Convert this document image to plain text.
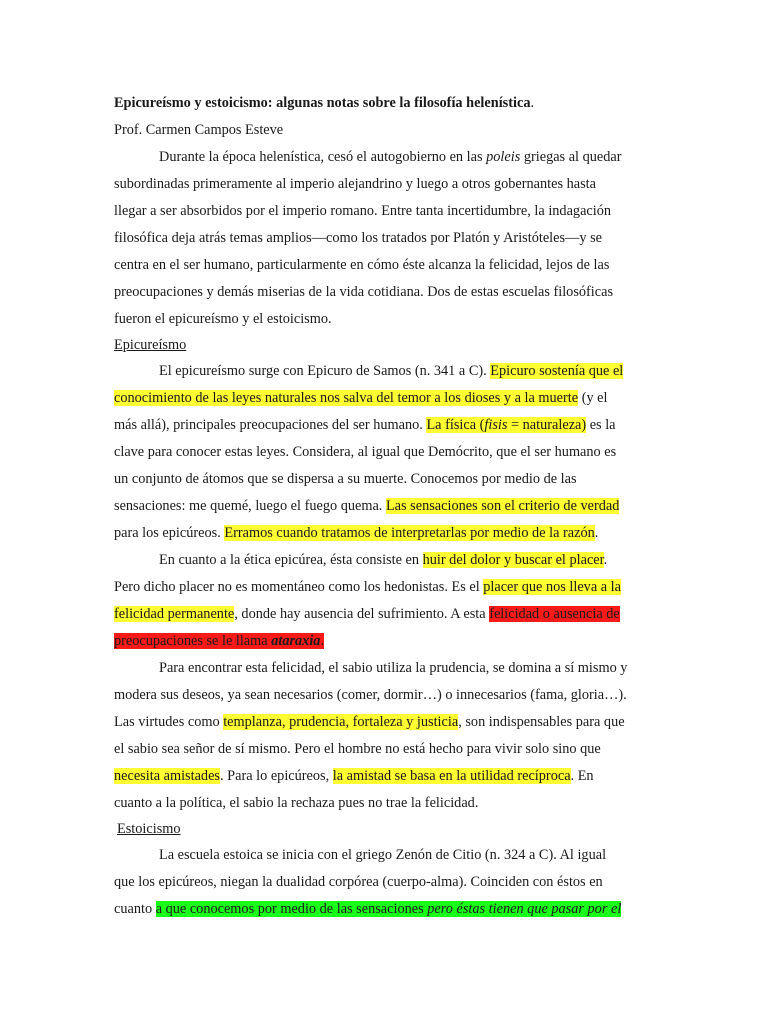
Epicureísmo y estoicismo: algunas notas sobre la filosofía helenística.
Prof. Carmen Campos Esteve
Durante la época helenística, cesó el autogobierno en las poleis griegas al quedar
subordinadas primeramente al imperio alejandrino y luego a otros gobernantes hasta
llegar a ser absorbidos por el imperio romano. Entre tanta incertidumbre, la indagación
filosófica deja atrás temas amplios—como los tratados por Platón y Aristóteles—y se
centra en el ser humano, particularmente en cómo éste alcanza la felicidad, lejos de las
preocupaciones y demás miserias de la vida cotidiana. Dos de estas escuelas filosóficas
fueron el epicureísmo y el estoicismo.
Epicureísmo
El epicureísmo surge con Epicuro de Samos (n. 341 a C). Epicuro sostenía que el
conocimiento de las leyes naturales nos salva del temor a los dioses y a la muerte (y el
más allá), principales preocupaciones del ser humano. La física (fisis = naturaleza) es la
clave para conocer estas leyes. Considera, al igual que Demócrito, que el ser humano es
un conjunto de átomos que se dispersa a su muerte. Conocemos por medio de las
sensaciones: me quemé, luego el fuego quema. Las sensaciones son el criterio de verdad
para los epicúreos. Erramos cuando tratamos de interpretarlas por medio de la razón.
En cuanto a la ética epicúrea, ésta consiste en huir del dolor y buscar el placer.
Pero dicho placer no es momentáneo como los hedonistas. Es el placer que nos lleva a la
felicidad permanente, donde hay ausencia del sufrimiento. A esta felicidad o ausencia de
preocupaciones se le llama ataraxia.
Para encontrar esta felicidad, el sabio utiliza la prudencia, se domina a sí mismo y
modera sus deseos, ya sean necesarios (comer, dormir…) o innecesarios (fama, gloria…).
Las virtudes como templanza, prudencia, fortaleza y justicia, son indispensables para que
el sabio sea señor de sí mismo. Pero el hombre no está hecho para vivir solo sino que
necesita amistades. Para lo epicúreos, la amistad se basa en la utilidad recíproca. En
cuanto a la política, el sabio la rechaza pues no trae la felicidad.
Estoicismo
La escuela estoica se inicia con el griego Zenón de Citio (n. 324 a C). Al igual
que los epicúreos, niegan la dualidad corpórea (cuerpo-alma). Coinciden con éstos en
cuanto a que conocemos por medio de las sensaciones pero éstas tienen que pasar por el
